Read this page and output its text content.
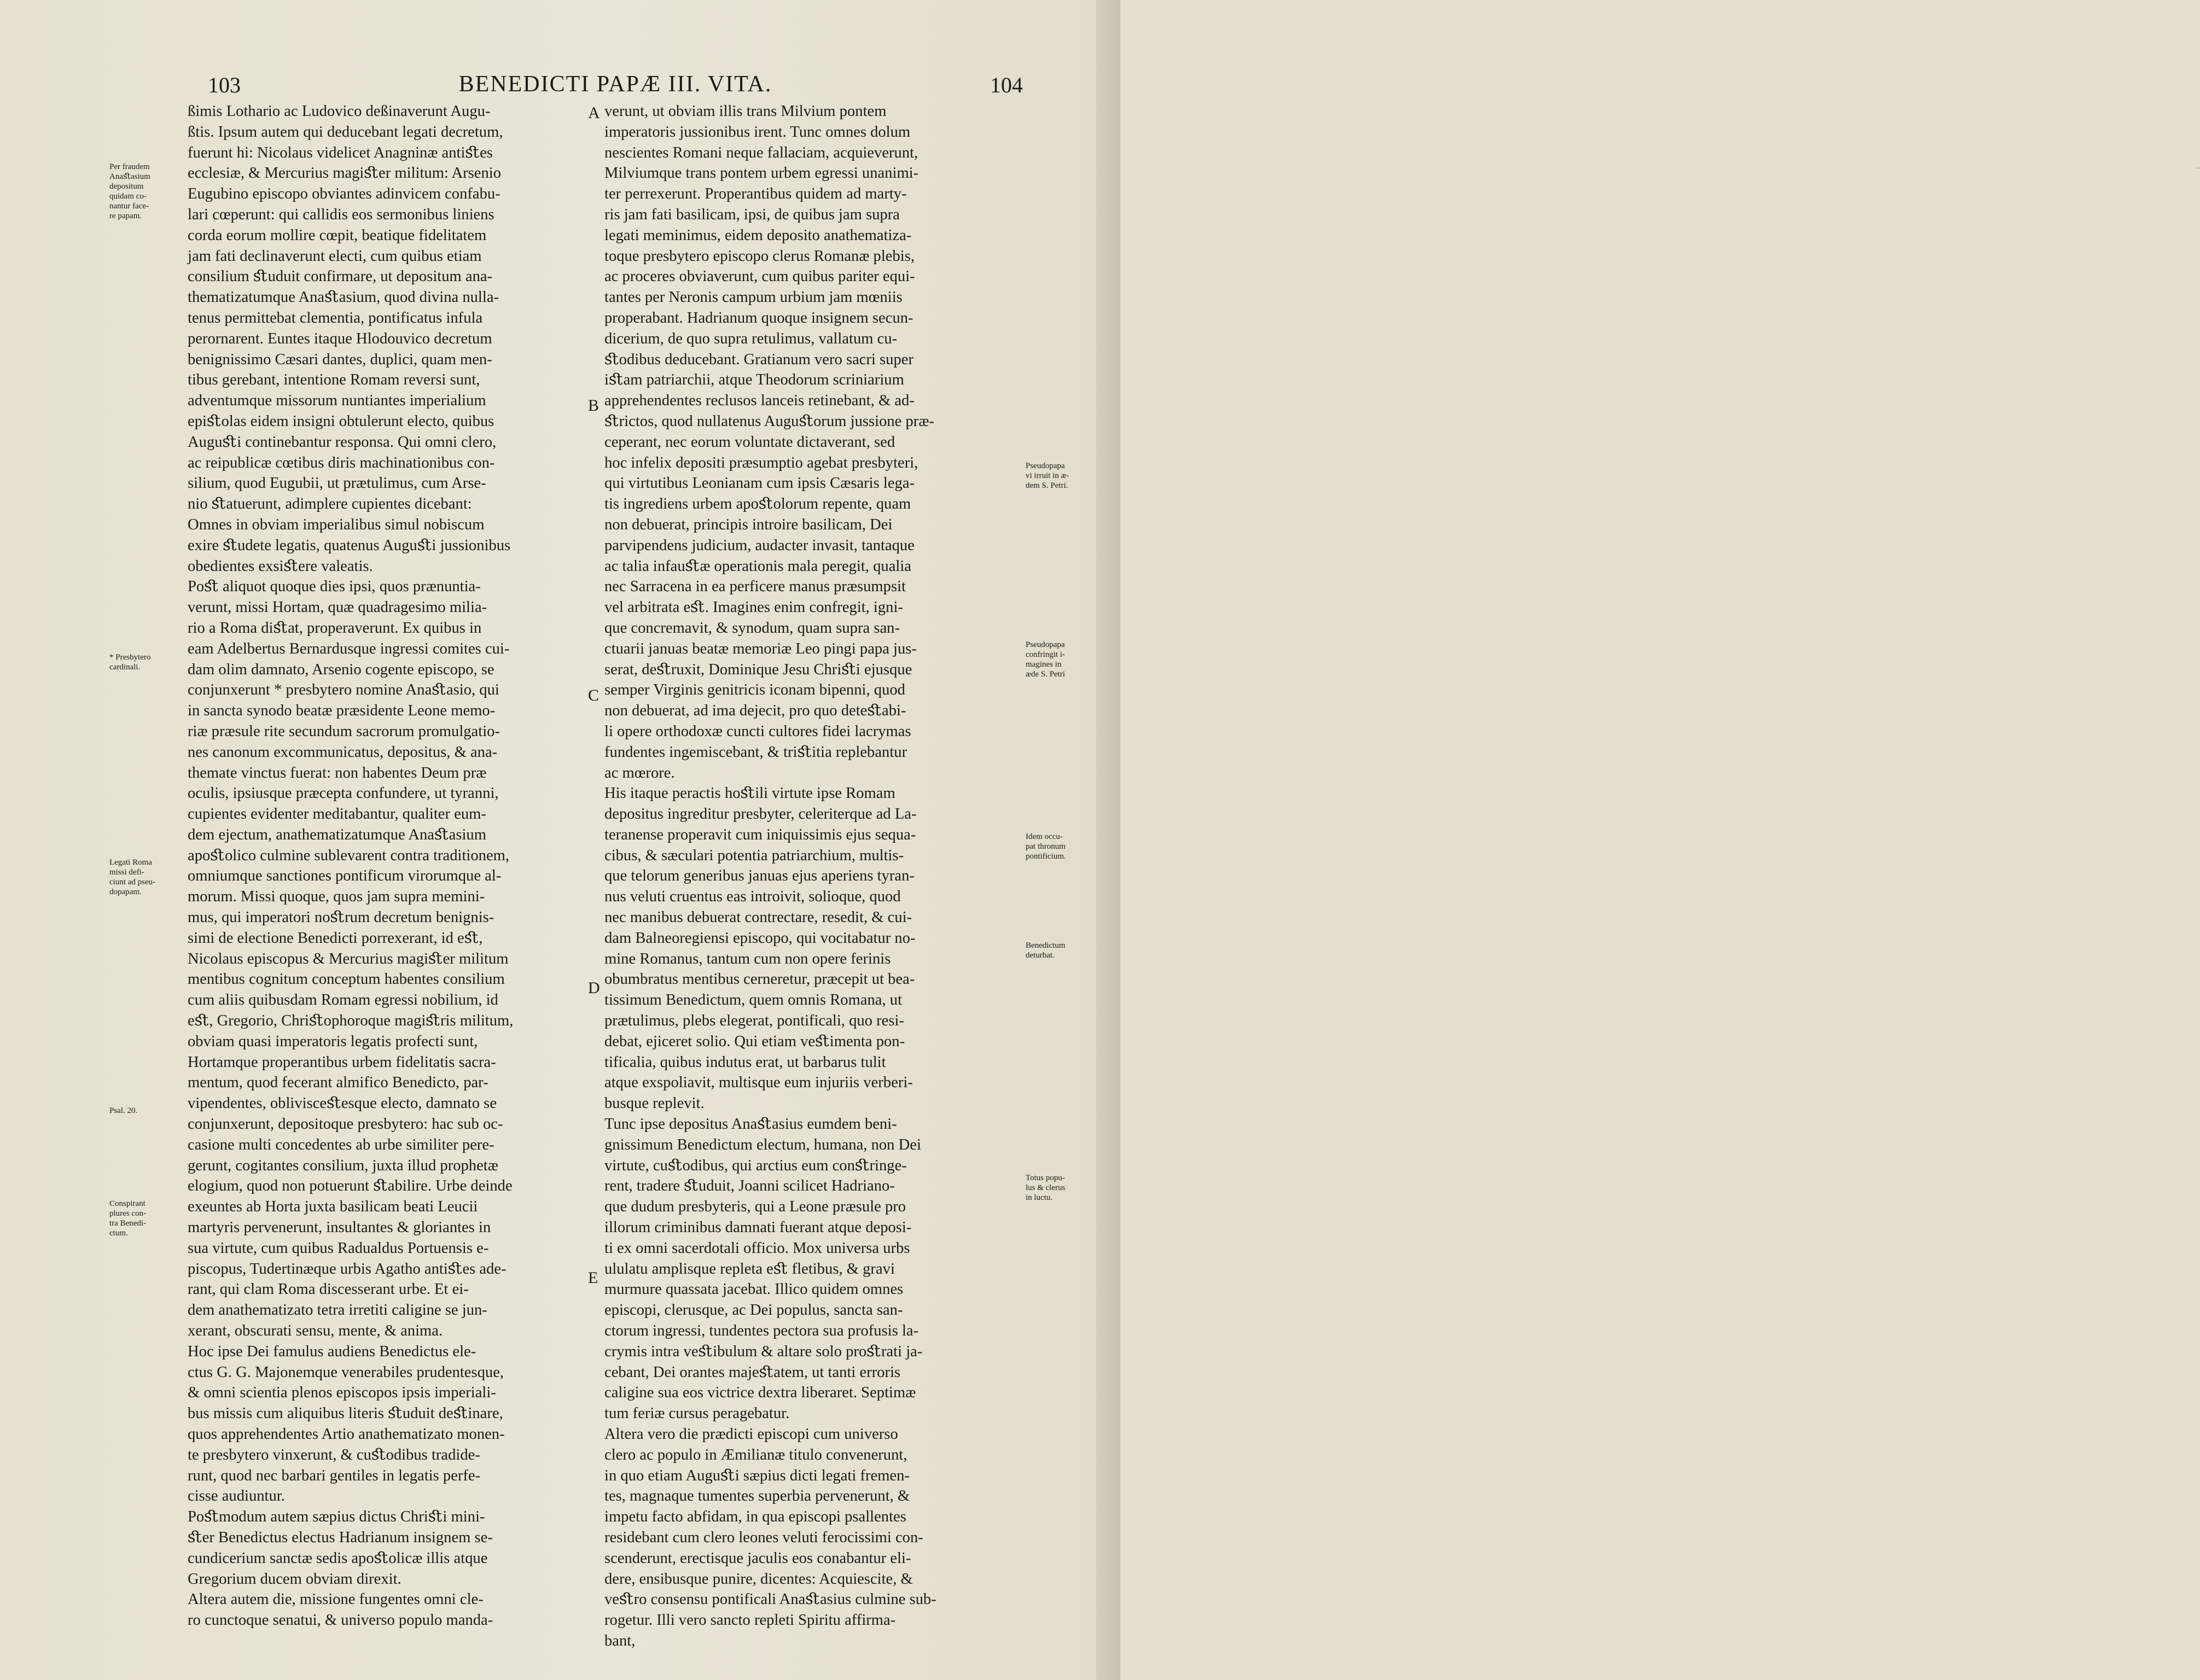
…
103	BENEDICTI PAPÆ III. VITA.	104
ßimis Lothario ac Ludovico deßinaverunt Augu-
ßtis. Ipsum autem qui deducebant legati decretum,
fuerunt hi: Nicolaus videlicet Anagninæ antiﬆes
ecclesiæ, & Mercurius magiﬆer militum: Arsenio
Eugubino episcopo obviantes adinvicem confabu-
lari cœperunt: qui callidis eos sermonibus liniens
corda eorum mollire cœpit, beatique fidelitatem
jam fati declinaverunt electi, cum quibus etiam
consilium ﬆuduit confirmare, ut depositum ana-
thematizatumque Anaﬆasium, quod divina nulla-
tenus permittebat clementia, pontificatus infula
perornarent. Euntes itaque Hlodouvico decretum
benignissimo Cæsari dantes, duplici, quam men-
tibus gerebant, intentione Romam reversi sunt,
adventumque missorum nuntiantes imperialium
epiﬆolas eidem insigni obtulerunt electo, quibus
Auguﬆi continebantur responsa. Qui omni clero,
ac reipublicæ cœtibus diris machinationibus con-
silium, quod Eugubii, ut prætulimus, cum Arse-
nio ﬆatuerunt, adimplere cupientes dicebant:
Omnes in obviam imperialibus simul nobiscum
exire ﬆudete legatis, quatenus Auguﬆi jussionibus
obedientes exsiﬆere valeatis.
Poﬆ aliquot quoque dies ipsi, quos prænuntia-
verunt, missi Hortam, quæ quadragesimo milia-
rio a Roma diﬆat, properaverunt. Ex quibus in
eam Adelbertus Bernardusque ingressi comites cui-
dam olim damnato, Arsenio cogente episcopo, se
conjunxerunt * presbytero nomine Anaﬆasio, qui
in sancta synodo beatæ præsidente Leone memo-
riæ præsule rite secundum sacrorum promulgatio-
nes canonum excommunicatus, depositus, & ana-
themate vinctus fuerat: non habentes Deum præ
oculis, ipsiusque præcepta confundere, ut tyranni,
cupientes evidenter meditabantur, qualiter eum-
dem ejectum, anathematizatumque Anaﬆasium
apoﬆolico culmine sublevarent contra traditionem,
omniumque sanctiones pontificum virorumque al-
morum. Missi quoque, quos jam supra memini-
mus, qui imperatori noﬆrum decretum benignis-
simi de electione Benedicti porrexerant, id eﬆ,
Nicolaus episcopus & Mercurius magiﬆer militum
mentibus cognitum conceptum habentes consilium
cum aliis quibusdam Romam egressi nobilium, id
eﬆ, Gregorio, Chriﬆophoroque magiﬆris militum,
obviam quasi imperatoris legatis profecti sunt,
Hortamque properantibus urbem fidelitatis sacra-
mentum, quod fecerant almifico Benedicto, par-
vipendentes, oblivisceﬆesque electo, damnato se
conjunxerunt, depositoque presbytero: hac sub oc-
casione multi concedentes ab urbe similiter pere-
gerunt, cogitantes consilium, juxta illud prophetæ
elogium, quod non potuerunt ﬆabilire. Urbe deinde
exeuntes ab Horta juxta basilicam beati Leucii
martyris pervenerunt, insultantes & gloriantes in
sua virtute, cum quibus Radualdus Portuensis e-
piscopus, Tudertinæque urbis Agatho antiﬆes ade-
rant, qui clam Roma discesserant urbe. Et ei-
dem anathematizato tetra irretiti caligine se jun-
xerant, obscurati sensu, mente, & anima.
Hoc ipse Dei famulus audiens Benedictus ele-
ctus G. G. Majonemque venerabiles prudentesque,
& omni scientia plenos episcopos ipsis imperiali-
bus missis cum aliquibus literis ﬆuduit deﬆinare,
quos apprehendentes Artio anathematizato monen-
te presbytero vinxerunt, & cuﬆodibus tradide-
runt, quod nec barbari gentiles in legatis perfe-
cisse audiuntur.
Poﬆmodum autem sæpius dictus Chriﬆi mini-
ﬆer Benedictus electus Hadrianum insignem se-
cundicerium sanctæ sedis apoﬆolicæ illis atque
Gregorium ducem obviam direxit.
Altera autem die, missione fungentes omni cle-
ro cunctoque senatui, & universo populo manda-
verunt, ut obviam illis trans Milvium pontem
imperatoris jussionibus irent. Tunc omnes dolum
nescientes Romani neque fallaciam, acquieverunt,
Milviumque trans pontem urbem egressi unanimi-
ter perrexerunt. Properantibus quidem ad marty-
ris jam fati basilicam, ipsi, de quibus jam supra
legati meminimus, eidem deposito anathematiza-
toque presbytero episcopo clerus Romanæ plebis,
ac proceres obviaverunt, cum quibus pariter equi-
tantes per Neronis campum urbium jam mœniis
properabant. Hadrianum quoque insignem secun-
dicerium, de quo supra retulimus, vallatum cu-
ﬆodibus deducebant. Gratianum vero sacri super
iﬆam patriarchii, atque Theodorum scriniarium
apprehendentes reclusos lanceis retinebant, & ad-
ﬆrictos, quod nullatenus Auguﬆorum jussione præ-
ceperant, nec eorum voluntate dictaverant, sed
hoc infelix depositi præsumptio agebat presbyteri,
qui virtutibus Leonianam cum ipsis Cæsaris lega-
tis ingrediens urbem apoﬆolorum repente, quam
non debuerat, principis introire basilicam, Dei
parvipendens judicium, audacter invasit, tantaque
ac talia infauﬆæ operationis mala peregit, qualia
nec Sarracena in ea perficere manus præsumpsit
vel arbitrata eﬆ. Imagines enim confregit, igni-
que concremavit, & synodum, quam supra san-
ctuarii januas beatæ memoriæ Leo pingi papa jus-
serat, deﬆruxit, Dominique Jesu Chriﬆi ejusque
semper Virginis genitricis iconam bipenni, quod
non debuerat, ad ima dejecit, pro quo deteﬆabi-
li opere orthodoxæ cuncti cultores fidei lacrymas
fundentes ingemiscebant, & triﬆitia replebantur
ac mœrore.
His itaque peractis hoﬆili virtute ipse Romam
depositus ingreditur presbyter, celeriterque ad La-
teranense properavit cum iniquissimis ejus sequa-
cibus, & sæculari potentia patriarchium, multis-
que telorum generibus januas ejus aperiens tyran-
nus veluti cruentus eas introivit, solioque, quod
nec manibus debuerat contrectare, resedit, & cui-
dam Balneoregiensi episcopo, qui vocitabatur no-
mine Romanus, tantum cum non opere ferinis
obumbratus mentibus cerneretur, præcepit ut bea-
tissimum Benedictum, quem omnis Romana, ut
prætulimus, plebs elegerat, pontificali, quo resi-
debat, ejiceret solio. Qui etiam veﬆimenta pon-
tificalia, quibus indutus erat, ut barbarus tulit
atque exspoliavit, multisque eum injuriis verberi-
busque replevit.
Tunc ipse depositus Anaﬆasius eumdem beni-
gnissimum Benedictum electum, humana, non Dei
virtute, cuﬆodibus, qui arctius eum conﬆringe-
rent, tradere ﬆuduit, Joanni scilicet Hadriano-
que dudum presbyteris, qui a Leone præsule pro
illorum criminibus damnati fuerant atque deposi-
ti ex omni sacerdotali officio. Mox universa urbs
ululatu amplisque repleta eﬆ fletibus, & gravi
murmure quassata jacebat. Illico quidem omnes
episcopi, clerusque, ac Dei populus, sancta san-
ctorum ingressi, tundentes pectora sua profusis la-
crymis intra veﬆibulum & altare solo proﬆrati ja-
cebant, Dei orantes majeﬆatem, ut tanti erroris
caligine sua eos victrice dextra liberaret. Septimæ
tum feriæ cursus peragebatur.
Altera vero die prædicti episcopi cum universo
clero ac populo in Æmilianæ titulo convenerunt,
in quo etiam Auguﬆi sæpius dicti legati fremen-
tes, magnaque tumentes superbia pervenerunt, &
impetu facto abfidam, in qua episcopi psallentes
residebant cum clero leones veluti ferocissimi con-
scenderunt, erectisque jaculis eos conabantur eli-
dere, ensibusque punire, dicentes: Acquiescite, &
veﬆro consensu pontificali Anaﬆasius culmine sub-
rogetur. Illi vero sancto repleti Spiritu affirma-
bant,
Per fraudem
Anaﬆasium
depositum
quidam co-
nantur face-
re papam.
* Presbytero
cardinali.
Legati Roma
missi defi-
ciunt ad pseu-
dopapam.
Psal. 20.
Conspirant
plures con-
tra Benedi-
ctum.
Pseudopapa
vi irruit in æ-
dem S. Petri.
Pseudopapa
confringit i-
magines in
æde S. Petri
Idem occu-
pat thronum
pontificium.
Benedictum
deturbat.
Totus popu-
lus & clerus
in luctu.
A
B
C
D
E
